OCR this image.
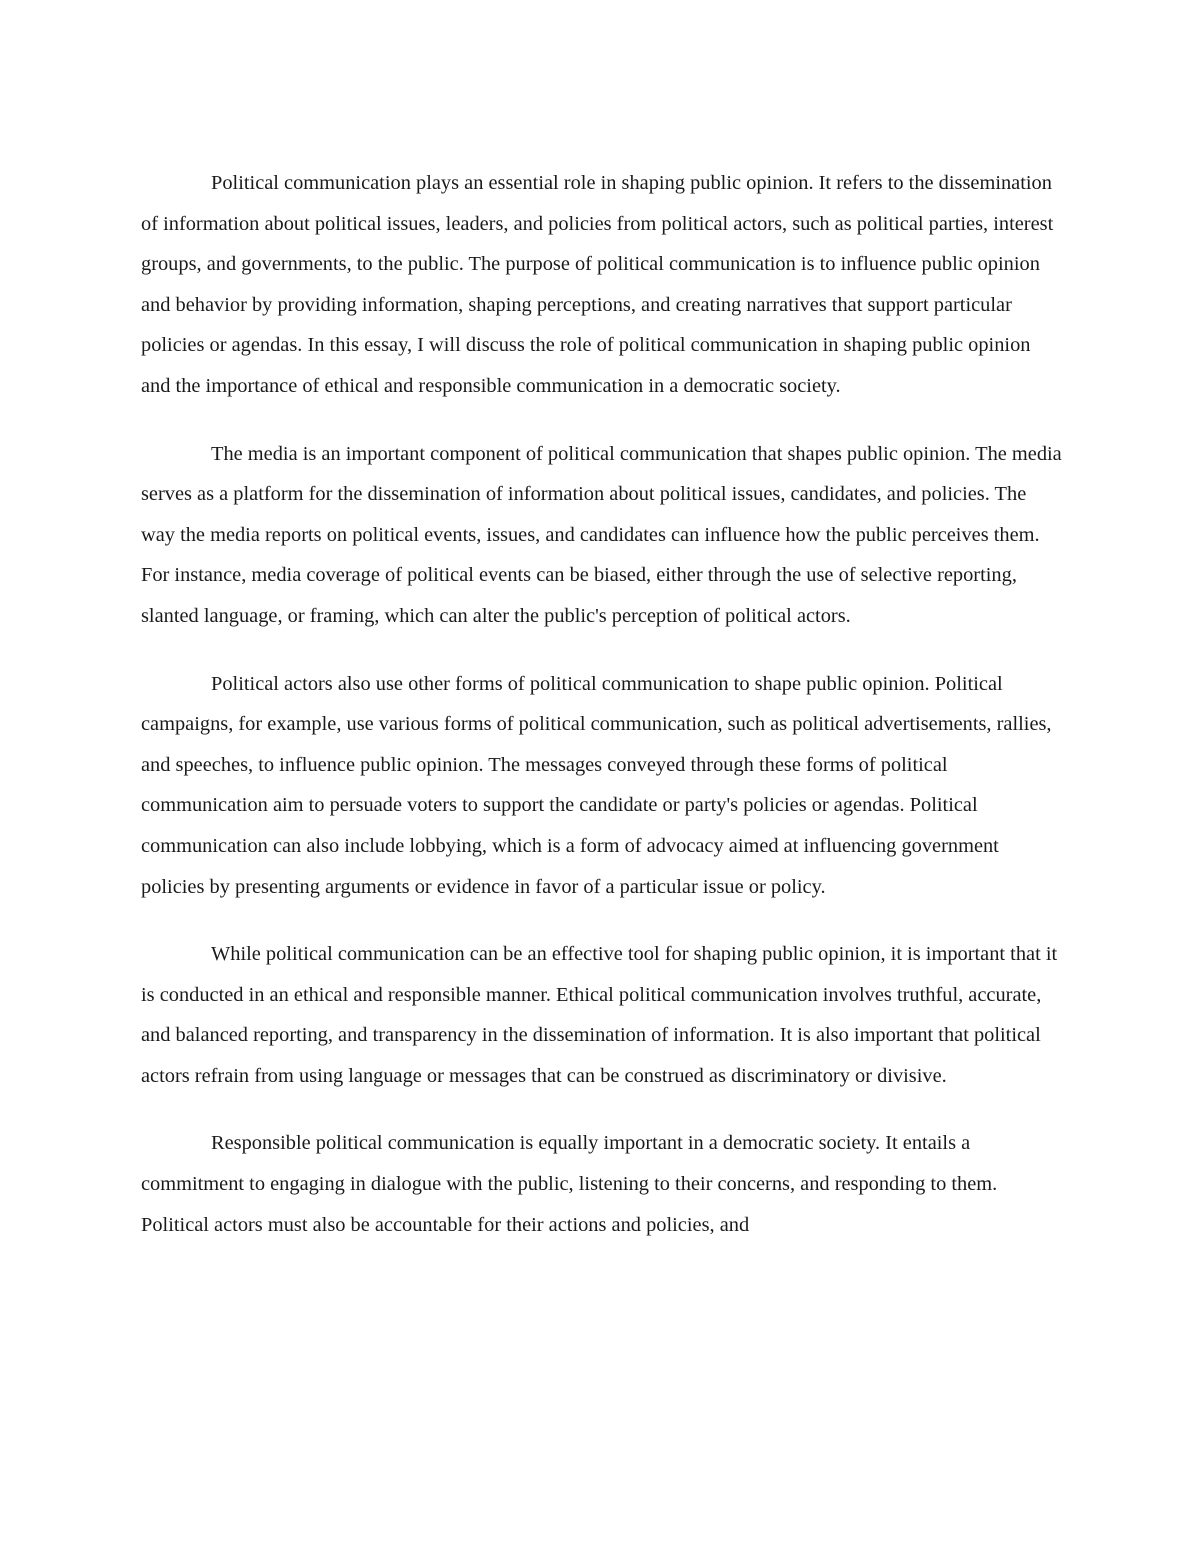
Political communication plays an essential role in shaping public opinion. It refers to the dissemination of information about political issues, leaders, and policies from political actors, such as political parties, interest groups, and governments, to the public. The purpose of political communication is to influence public opinion and behavior by providing information, shaping perceptions, and creating narratives that support particular policies or agendas. In this essay, I will discuss the role of political communication in shaping public opinion and the importance of ethical and responsible communication in a democratic society.

The media is an important component of political communication that shapes public opinion. The media serves as a platform for the dissemination of information about political issues, candidates, and policies. The way the media reports on political events, issues, and candidates can influence how the public perceives them. For instance, media coverage of political events can be biased, either through the use of selective reporting, slanted language, or framing, which can alter the public's perception of political actors.

Political actors also use other forms of political communication to shape public opinion. Political campaigns, for example, use various forms of political communication, such as political advertisements, rallies, and speeches, to influence public opinion. The messages conveyed through these forms of political communication aim to persuade voters to support the candidate or party's policies or agendas. Political communication can also include lobbying, which is a form of advocacy aimed at influencing government policies by presenting arguments or evidence in favor of a particular issue or policy.

While political communication can be an effective tool for shaping public opinion, it is important that it is conducted in an ethical and responsible manner. Ethical political communication involves truthful, accurate, and balanced reporting, and transparency in the dissemination of information. It is also important that political actors refrain from using language or messages that can be construed as discriminatory or divisive.

Responsible political communication is equally important in a democratic society. It entails a commitment to engaging in dialogue with the public, listening to their concerns, and responding to them. Political actors must also be accountable for their actions and policies, and
